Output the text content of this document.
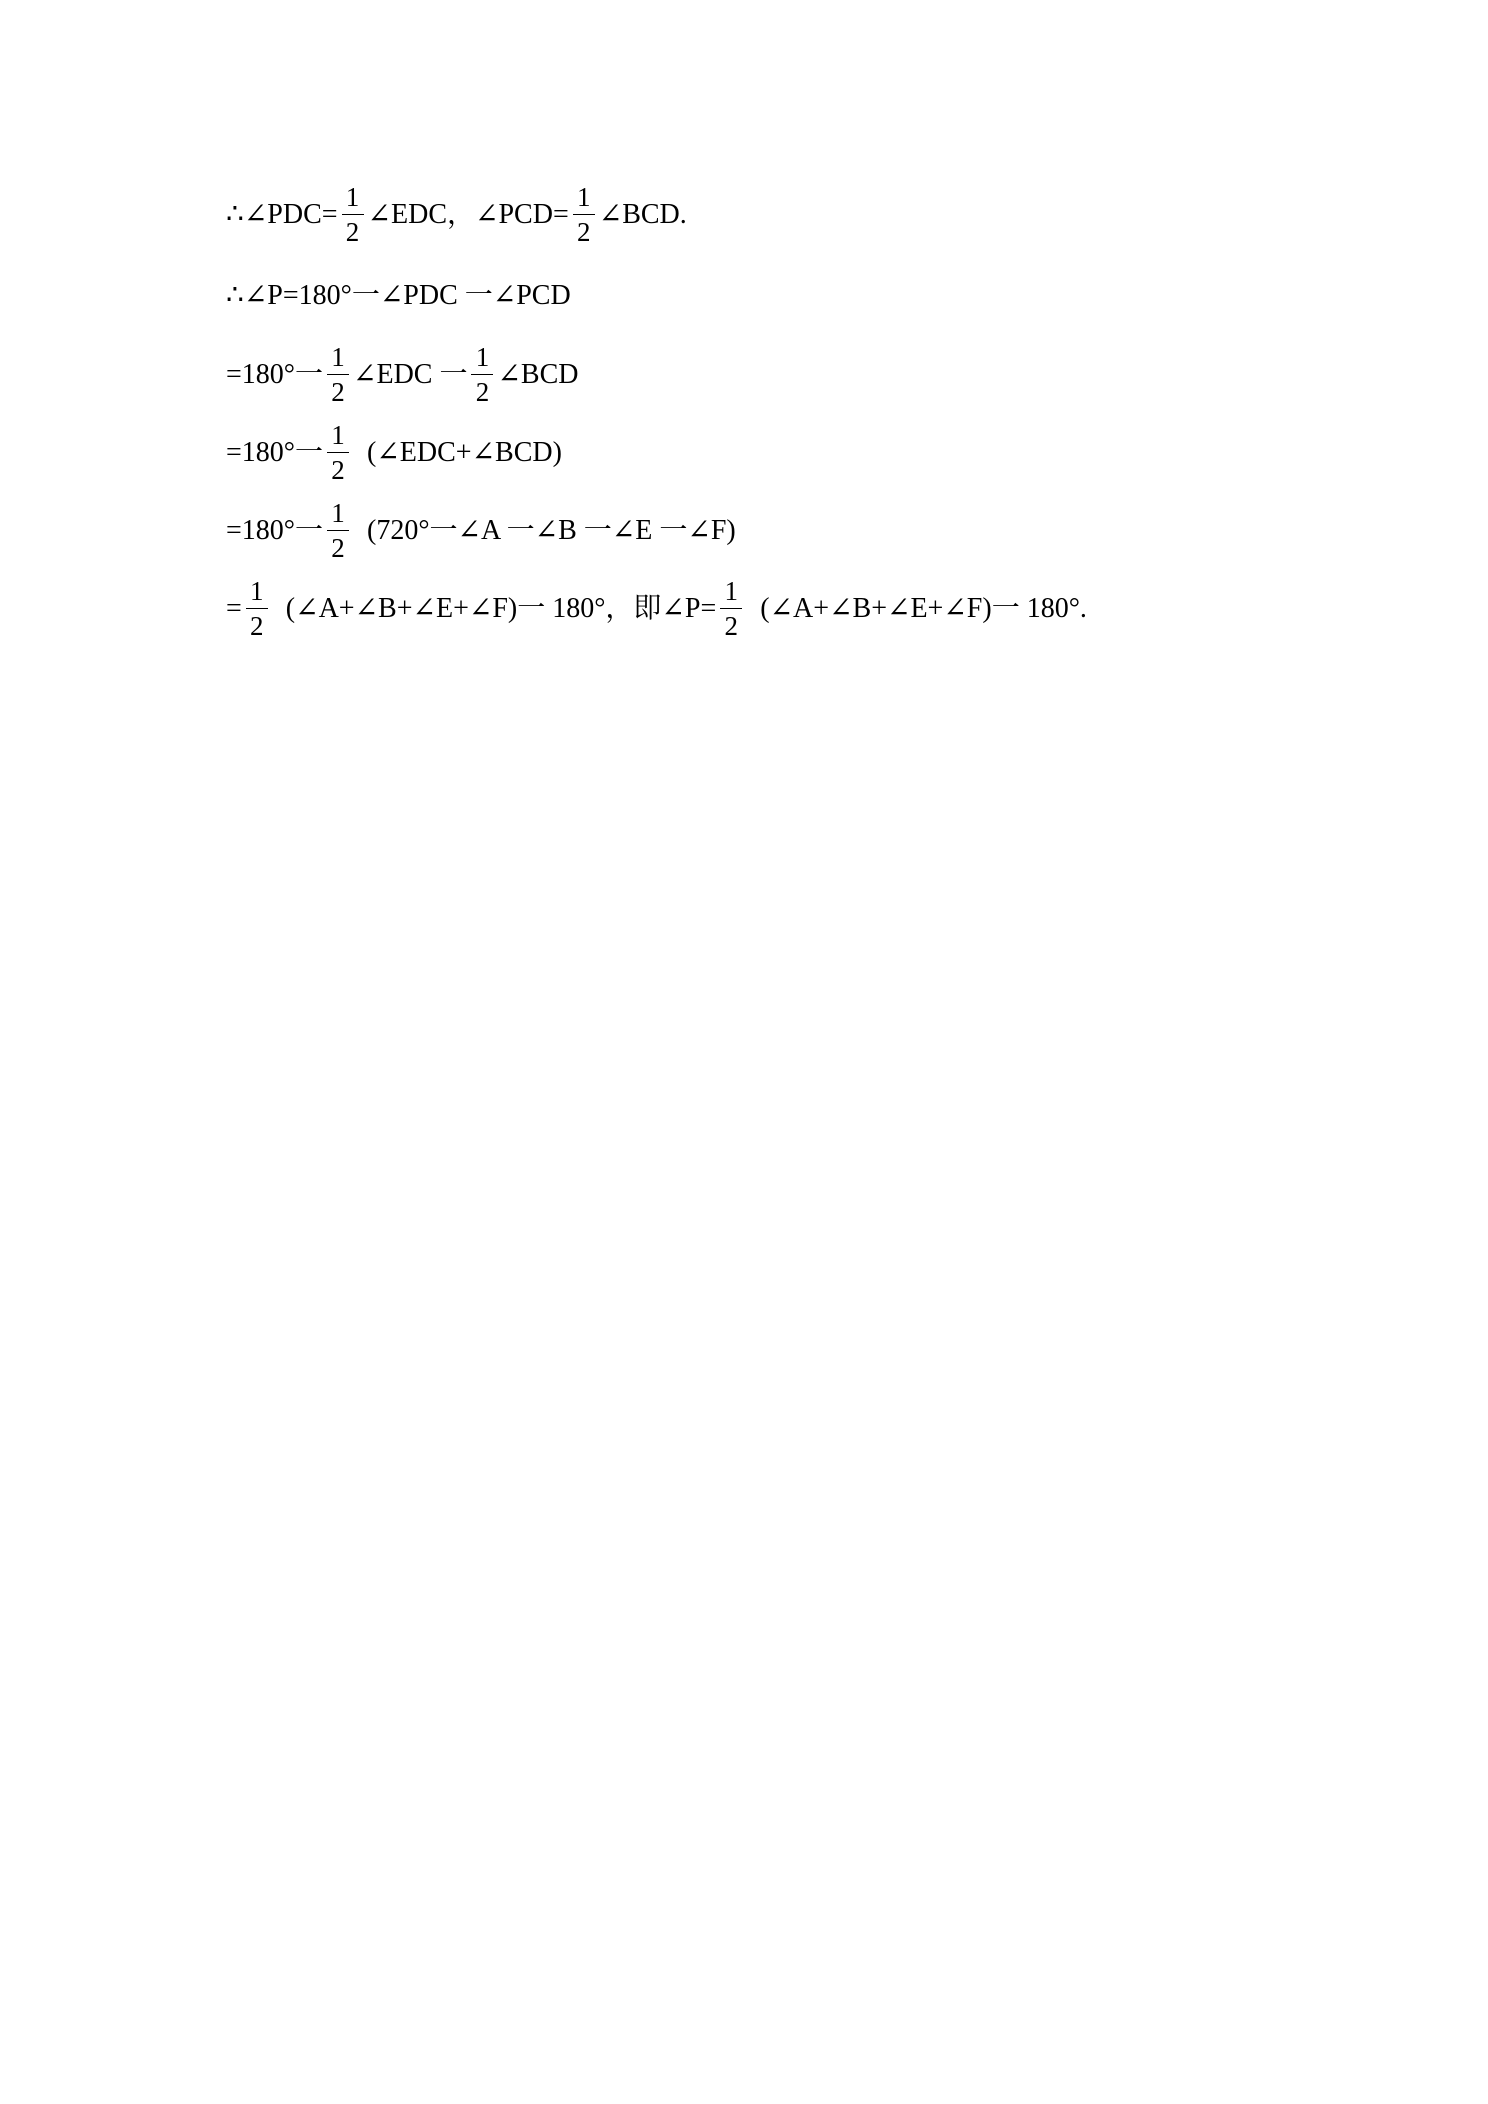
∴∠PDC= $\frac{1}{2}$ ∠EDC，∠PCD= $\frac{1}{2}$ ∠BCD.
∴∠P=180°一∠PDC 一∠PCD
=180°一 $\frac{1}{2}$ ∠EDC 一 $\frac{1}{2}$ ∠BCD
=180°一 $\frac{1}{2}$ (∠EDC+∠BCD)
=180°一 $\frac{1}{2} (720^\circ$一∠A 一∠B 一∠E 一∠F)
= $\frac{1}{2}$ (∠A+∠B+∠E+∠F)一 180°，即∠P= $\frac{1}{2}$ (∠A+∠B+∠E+∠F)一 180°.
